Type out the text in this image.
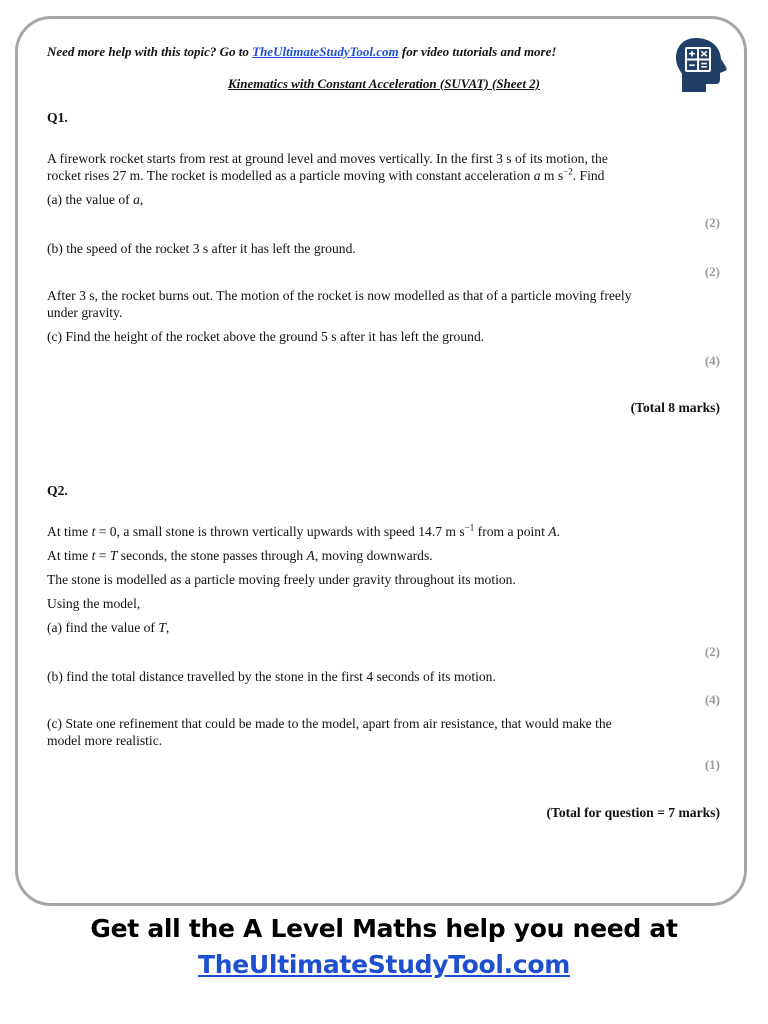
Need more help with this topic? Go to TheUltimateStudyTool.com for video tutorials and more!
Kinematics with Constant Acceleration (SUVAT) (Sheet 2)
Q1.
A firework rocket starts from rest at ground level and moves vertically. In the first 3 s of its motion, the
rocket rises 27 m. The rocket is modelled as a particle moving with constant acceleration a m $s^{-2}$. Find
(a) the value of a,
(2)
(b) the speed of the rocket 3 s after it has left the ground.
(2)
After 3 s, the rocket burns out. The motion of the rocket is now modelled as that of a particle moving freely
under gravity.
(c) Find the height of the rocket above the ground 5 s after it has left the ground.
(4)
(Total 8 marks)
Q2.
At time t = 0, a small stone is thrown vertically upwards with speed 14.7 m $s^{-1}$ from a point A.
At time t = T seconds, the stone passes through A, moving downwards.
The stone is modelled as a particle moving freely under gravity throughout its motion.
Using the model,
(a) find the value of T,
(2)
(b) find the total distance travelled by the stone in the first 4 seconds of its motion.
(4)
(c) State one refinement that could be made to the model, apart from air resistance, that would make the
model more realistic.
(1)
(Total for question = 7 marks)
Get all the A Level Maths help you need at
TheUltimateStudyTool.com
